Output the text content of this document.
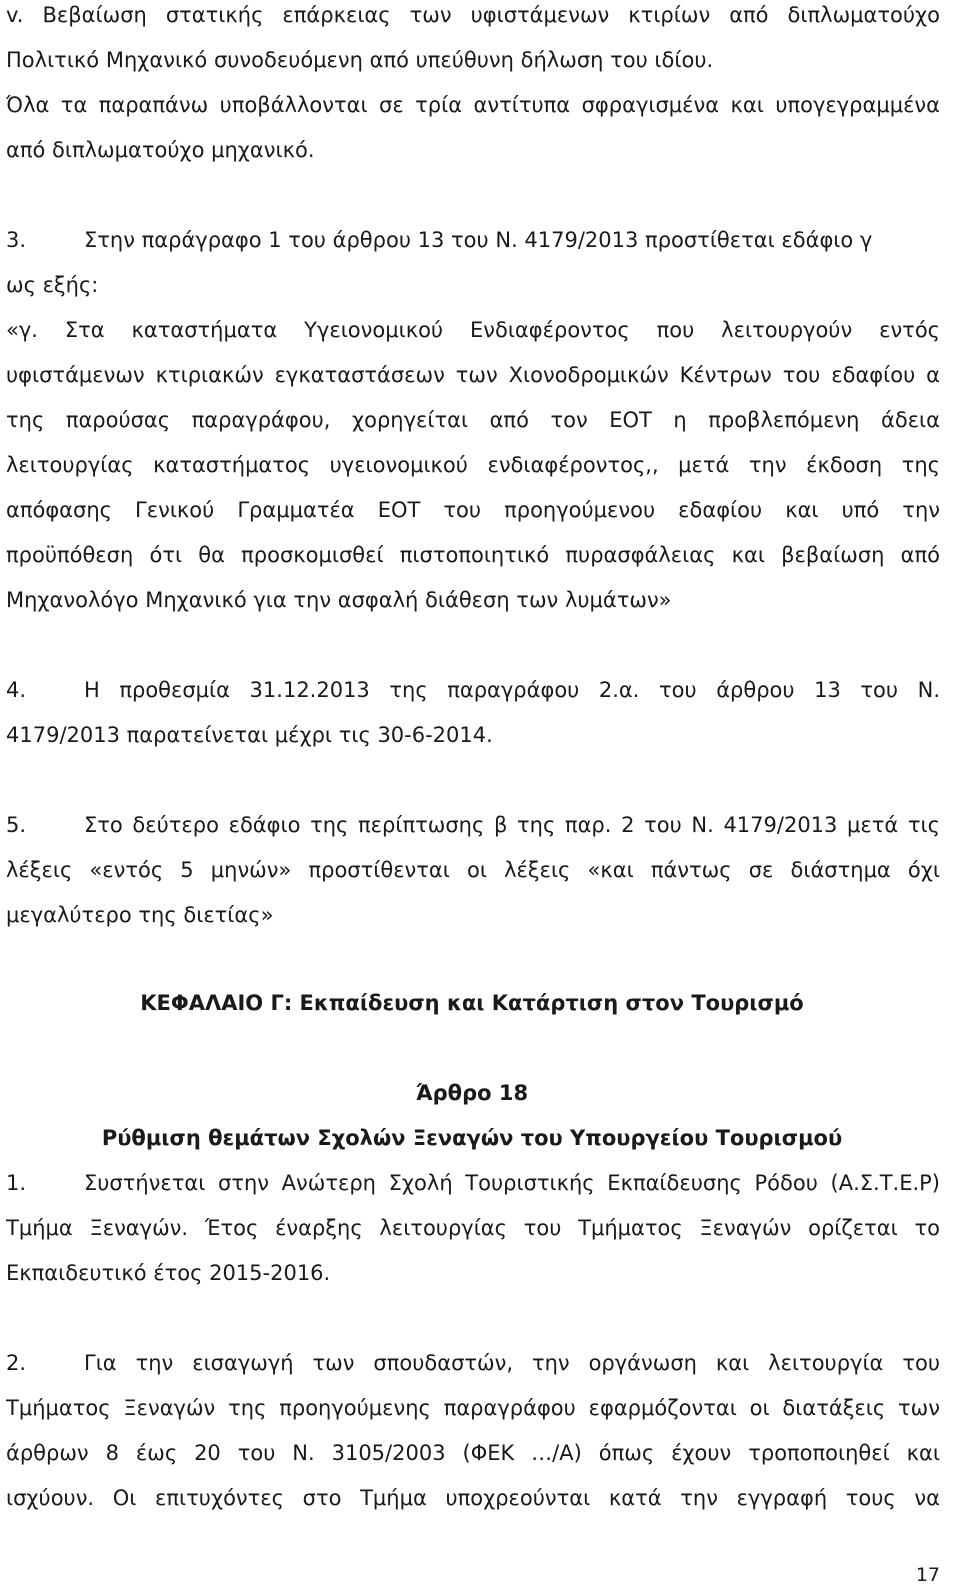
v. Βεβαίωση στατικής επάρκειας των υφιστάμενων κτιρίων από διπλωματούχο
Πολιτικό Μηχανικό συνοδευόμενη από υπεύθυνη δήλωση του ιδίου.
Όλα τα παραπάνω υποβάλλονται σε τρία αντίτυπα σφραγισμένα και υπογεγραμμένα
από διπλωματούχο μηχανικό.
3.	Στην παράγραφο 1 του άρθρου 13 του Ν. 4179/2013 προστίθεται εδάφιο γ
ως εξής:
«γ. Στα καταστήματα Υγειονομικού Ενδιαφέροντος που λειτουργούν εντός
υφιστάμενων κτιριακών εγκαταστάσεων των Χιονοδρομικών Κέντρων του εδαφίου α
της παρούσας παραγράφου, χορηγείται από τον ΕΟΤ η προβλεπόμενη άδεια
λειτουργίας καταστήματος υγειονομικού ενδιαφέροντος,, μετά την έκδοση της
απόφασης Γενικού Γραμματέα ΕΟΤ του προηγούμενου εδαφίου και υπό την
προϋπόθεση ότι θα προσκομισθεί πιστοποιητικό πυρασφάλειας και βεβαίωση από
Μηχανολόγο Μηχανικό για την ασφαλή διάθεση των λυμάτων»
4.	Η προθεσμία 31.12.2013 της παραγράφου 2.α. του άρθρου 13 του Ν.
4179/2013 παρατείνεται μέχρι τις 30-6-2014.
5.	Στο δεύτερο εδάφιο της περίπτωσης β της παρ. 2 του Ν. 4179/2013 μετά τις
λέξεις «εντός 5 μηνών» προστίθενται οι λέξεις «και πάντως σε διάστημα όχι
μεγαλύτερο της διετίας»
ΚΕΦΑΛΑΙΟ Γ: Εκπαίδευση και Κατάρτιση στον Τουρισμό
Άρθρο 18
Ρύθμιση θεμάτων Σχολών Ξεναγών του Υπουργείου Τουρισμού
1.	Συστήνεται στην Ανώτερη Σχολή Τουριστικής Εκπαίδευσης Ρόδου (Α.Σ.Τ.Ε.Ρ)
Τμήμα Ξεναγών. Έτος έναρξης λειτουργίας του Τμήματος Ξεναγών ορίζεται το
Εκπαιδευτικό έτος 2015-2016.
2.	Για την εισαγωγή των σπουδαστών, την οργάνωση και λειτουργία του
Τμήματος Ξεναγών της προηγούμενης παραγράφου εφαρμόζονται οι διατάξεις των
άρθρων 8 έως 20 του Ν. 3105/2003 (ΦΕΚ …/Α) όπως έχουν τροποποιηθεί και
ισχύουν. Οι επιτυχόντες στο Τμήμα υποχρεούνται κατά την εγγραφή τους να
17
